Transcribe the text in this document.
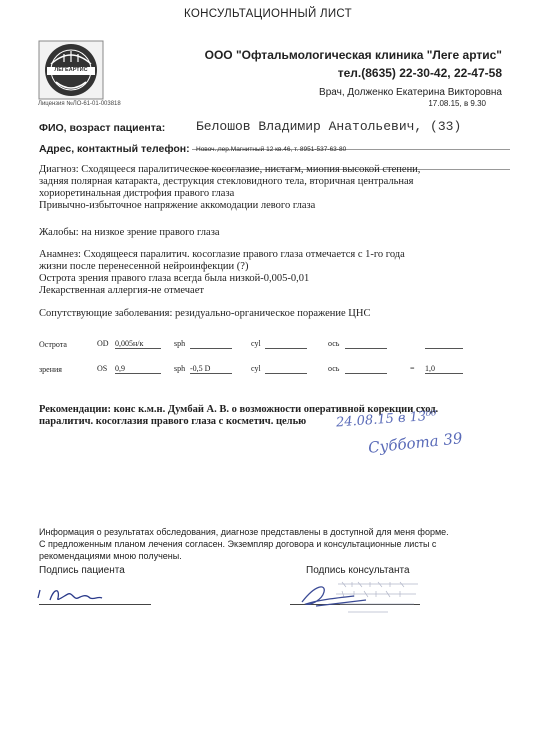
КОНСУЛЬТАЦИОННЫЙ ЛИСТ
ЛЕГЕАРТИС
Лицензия №ЛО-61-01-003818
ООО "Офтальмологическая клиника "Леге артис"
тел.(8635) 22-30-42, 22-47-58
Врач, Долженко Екатерина Викторовна
17.08.15, в 9.30
ФИО, возраст пациента: Белошов Владимир Анатольевич, (33)
Адрес, контактный телефон: Новоч.,пер.Магнитный 12 кв.46, т. 8951-537-63-80
Диагноз: Сходящееся паралитическое косоглазие, нистагм, миопия высокой степени,
задняя полярная катаракта, деструкция стекловидного тела, вторичная центральная
хориоретинальная дистрофия правого глаза
Привычно-избыточное напряжение аккомодации левого глаза
Жалобы: на низкое зрение правого глаза
Анамнез: Сходящееся паралитич. косоглазие правого глаза отмечается с 1-го года
жизни после перенесенной нейроинфекции (?)
Острота зрения правого глаза всегда была низкой-0,005-0,01
Лекарственная аллергия-не отмечает
Сопутствующие заболевания: резидуально-органическое поражение ЦНС
Острота	OD 0,005н/к	sph	cyl	ось
зрения	OS 0,9	sph -0,5 D	cyl	ось	= 1,0
Рекомендации: конс к.м.н. Думбай А. В. о возможности оперативной корекции сход.
паралитич. косоглазия правого глаза с косметич. целью	24.08.15 в 13⁰⁰
Суббота 39
Информация о результатах обследования, диагнозе представлены в доступной для меня форме.
С предложенным планом лечения согласен. Экземпляр договора и консультационные листы с
рекомендациями мною получены.
Подпись пациента	Подпись консультанта
